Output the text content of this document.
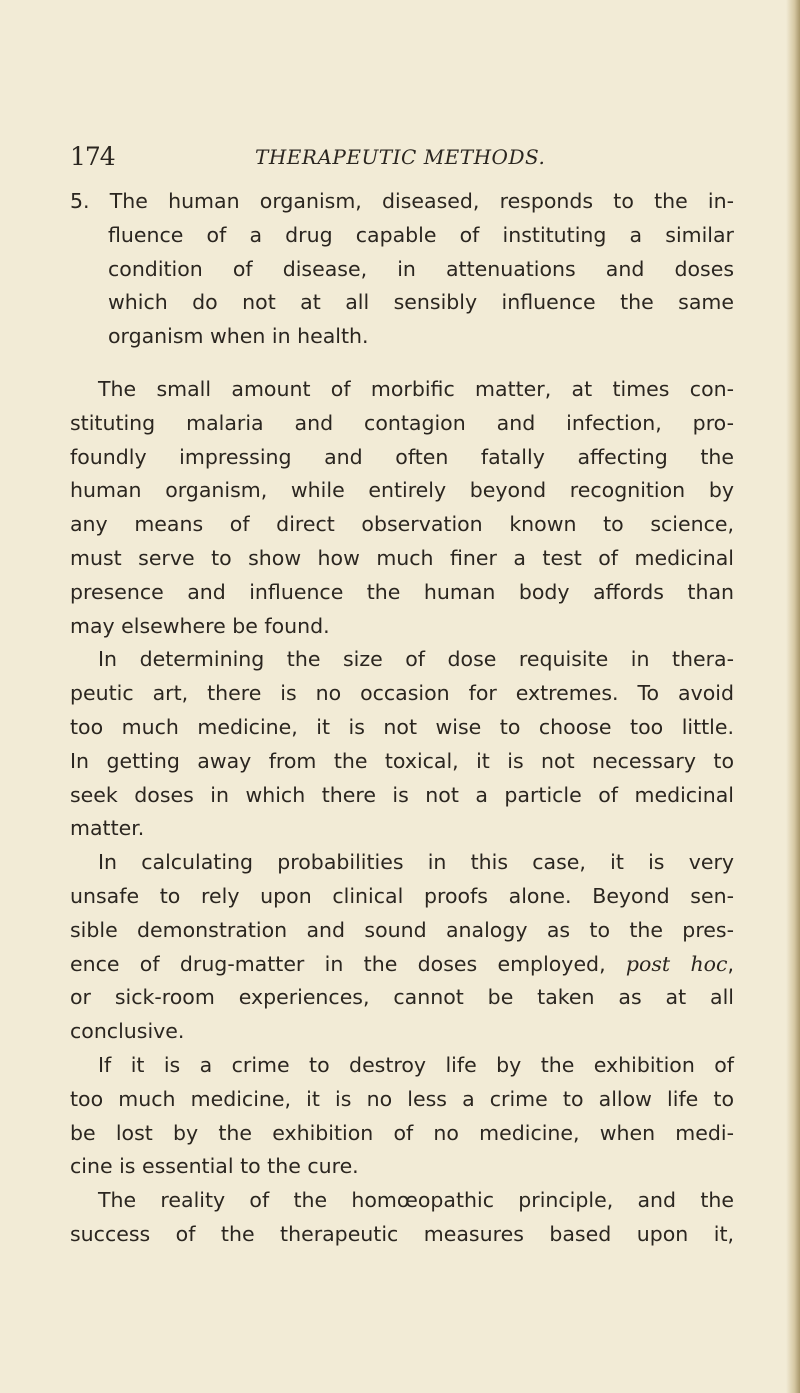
174	THERAPEUTIC METHODS.
5. The human organism, diseased, responds to the in-
fluence of a drug capable of instituting a similar
condition of disease, in attenuations and doses
which do not at all sensibly influence the same
organism when in health.
The small amount of morbific matter, at times con-
stituting malaria and contagion and infection, pro-
foundly impressing and often fatally affecting the
human organism, while entirely beyond recognition by
any means of direct observation known to science,
must serve to show how much finer a test of medicinal
presence and influence the human body affords than
may elsewhere be found.
In determining the size of dose requisite in thera-
peutic art, there is no occasion for extremes. To avoid
too much medicine, it is not wise to choose too little.
In getting away from the toxical, it is not necessary to
seek doses in which there is not a particle of medicinal
matter.
In calculating probabilities in this case, it is very
unsafe to rely upon clinical proofs alone. Beyond sen-
sible demonstration and sound analogy as to the pres-
ence of drug-matter in the doses employed, post hoc,
or sick-room experiences, cannot be taken as at all
conclusive.
If it is a crime to destroy life by the exhibition of
too much medicine, it is no less a crime to allow life to
be lost by the exhibition of no medicine, when medi-
cine is essential to the cure.
The reality of the homœopathic principle, and the
success of the therapeutic measures based upon it,
